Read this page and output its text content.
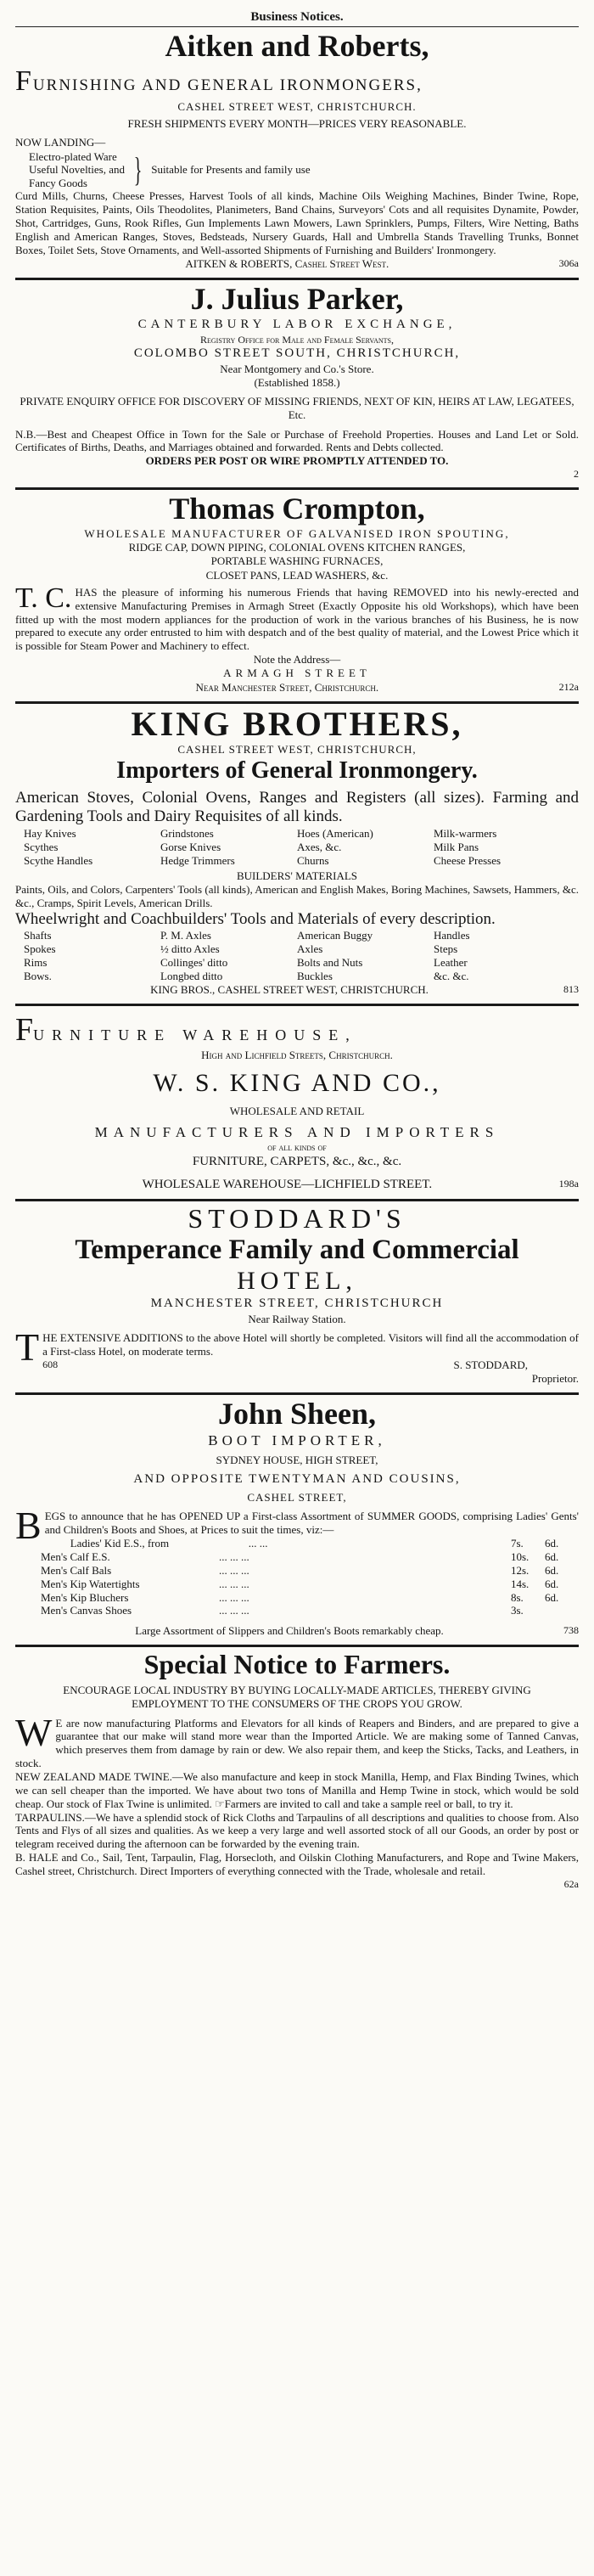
Business Notices.
Aitken and Roberts,
FURNISHING AND GENERAL IRONMONGERS,
CASHEL STREET WEST, CHRISTCHURCH.
FRESH SHIPMENTS EVERY MONTH—PRICES VERY REASONABLE.
NOW LANDING—
Electro-plated Ware
Useful Novelties, and
Fancy Goods	} Suitable for Presents and family use
Curd Mills, Churns, Cheese Presses, Harvest Tools of all kinds, Machine Oils Weighing Machines, Binder Twine, Rope, Station Requisites, Paints, Oils Theodolites, Planimeters, Band Chains, Surveyors' Cots and all requisites Dynamite, Powder, Shot, Cartridges, Guns, Rook Rifles, Gun Implements Lawn Mowers, Lawn Sprinklers, Pumps, Filters, Wire Netting, Baths English and American Ranges, Stoves, Bedsteads, Nursery Guards, Hall and Umbrella Stands Travelling Trunks, Bonnet Boxes, Toilet Sets, Stove Ornaments, and Well-assorted Shipments of Furnishing and Builders' Ironmongery.
AITKEN & ROBERTS, Cashel Street West.	306a
J. Julius Parker,
CANTERBURY LABOR EXCHANGE,
Registry Office for Male and Female Servants,
COLOMBO STREET SOUTH, CHRISTCHURCH,
Near Montgomery and Co.'s Store.
(Established 1858.)
PRIVATE ENQUIRY OFFICE FOR DISCOVERY OF MISSING FRIENDS, NEXT OF KIN, HEIRS AT LAW, LEGATEES, Etc.
N.B.—Best and Cheapest Office in Town for the Sale or Purchase of Freehold Properties. Houses and Land Let or Sold. Certificates of Births, Deaths, and Marriages obtained and forwarded. Rents and Debts collected.
ORDERS PER POST OR WIRE PROMPTLY ATTENDED TO.
2
Thomas Crompton,
WHOLESALE MANUFACTURER OF GALVANISED IRON SPOUTING,
RIDGE CAP, DOWN PIPING, COLONIAL OVENS KITCHEN RANGES,
PORTABLE WASHING FURNACES,
CLOSET PANS, LEAD WASHERS, &c.
T. C. HAS the pleasure of informing his numerous Friends that having REMOVED into his newly-erected and extensive Manufacturing Premises in Armagh Street (Exactly Opposite his old Workshops), which have been fitted up with the most modern appliances for the production of work in the various branches of his Business, he is now prepared to execute any order entrusted to him with despatch and of the best quality of material, and the Lowest Price which it is possible for Steam Power and Machinery to effect.
Note the Address—
ARMAGH STREET
Near Manchester Street, Christchurch.	212a
KING BROTHERS,
CASHEL STREET WEST, CHRISTCHURCH,
Importers of General Ironmongery.
American Stoves, Colonial Ovens, Ranges and Registers (all sizes). Farming and Gardening Tools and Dairy Requisites of all kinds.
Hay Knives	Grindstones	Hoes (American)	Milk-warmers
Scythes	Gorse Knives	Axes, &c.	Milk Pans
Scythe Handles	Hedge Trimmers	Churns	Cheese Presses
BUILDERS' MATERIALS
Paints, Oils, and Colors, Carpenters' Tools (all kinds), American and English Makes, Boring Machines, Sawsets, Hammers, &c. &c., Cramps, Spirit Levels, American Drills.
Wheelwright and Coachbuilders' Tools and Materials of every description.
Shafts	P. M. Axles	American Buggy	Handles
Spokes	½ ditto Axles	Axles	Steps
Rims	Collinges' ditto	Bolts and Nuts	Leather
Bows.	Longbed ditto	Buckles	&c. &c.
KING BROS., CASHEL STREET WEST, CHRISTCHURCH.	813
FURNITURE WAREHOUSE,
High and Lichfield Streets, Christchurch.
W. S. KING AND CO.,
WHOLESALE AND RETAIL
MANUFACTURERS AND IMPORTERS
of all kinds of
FURNITURE, CARPETS, &c., &c., &c.
WHOLESALE WAREHOUSE—LICHFIELD STREET.	198a
STODDARD'S
Temperance Family and Commercial
HOTEL,
MANCHESTER STREET, CHRISTCHURCH
Near Railway Station.
T HE EXTENSIVE ADDITIONS to the above Hotel will shortly be completed. Visitors will find all the accommodation of a First-class Hotel, on moderate terms.
608	S. STODDARD,
Proprietor.
John Sheen,
BOOT IMPORTER,
SYDNEY HOUSE, HIGH STREET,
AND OPPOSITE TWENTYMAN AND COUSINS,
CASHEL STREET,
B EGS to announce that he has OPENED UP a First-class Assortment of SUMMER GOODS, comprising Ladies' Gents' and Children's Boots and Shoes, at Prices to suit the times, viz:—
Ladies' Kid E.S., from	... ...	7s.	6d.
Men's Calf E.S.	... ... ...	10s.	6d.
Men's Calf Bals	... ... ...	12s.	6d.
Men's Kip Watertights	... ... ...	14s.	6d.
Men's Kip Bluchers	... ... ...	8s.	6d.
Men's Canvas Shoes	... ... ...	3s.
Large Assortment of Slippers and Children's Boots remarkably cheap.	738
Special Notice to Farmers.
ENCOURAGE LOCAL INDUSTRY BY BUYING LOCALLY-MADE ARTICLES, THEREBY GIVING EMPLOYMENT TO THE CONSUMERS OF THE CROPS YOU GROW.
W E are now manufacturing Platforms and Elevators for all kinds of Reapers and Binders, and are prepared to give a guarantee that our make will stand more wear than the Imported Article. We are making some of Tanned Canvas, which preserves them from damage by rain or dew. We also repair them, and keep the Sticks, Tacks, and Leathers, in stock.
NEW ZEALAND MADE TWINE.—We also manufacture and keep in stock Manilla, Hemp, and Flax Binding Twines, which we can sell cheaper than the imported. We have about two tons of Manilla and Hemp Twine in stock, which would be sold cheap. Our stock of Flax Twine is unlimited. ☞Farmers are invited to call and take a sample reel or ball, to try it.
TARPAULINS.—We have a splendid stock of Rick Cloths and Tarpaulins of all descriptions and qualities to choose from. Also Tents and Flys of all sizes and qualities. As we keep a very large and well assorted stock of all our Goods, an order by post or telegram received during the afternoon can be forwarded by the evening train.
B. HALE and Co., Sail, Tent, Tarpaulin, Flag, Horsecloth, and Oilskin Clothing Manufacturers, and Rope and Twine Makers, Cashel street, Christchurch. Direct Importers of everything connected with the Trade, wholesale and retail.
62a
